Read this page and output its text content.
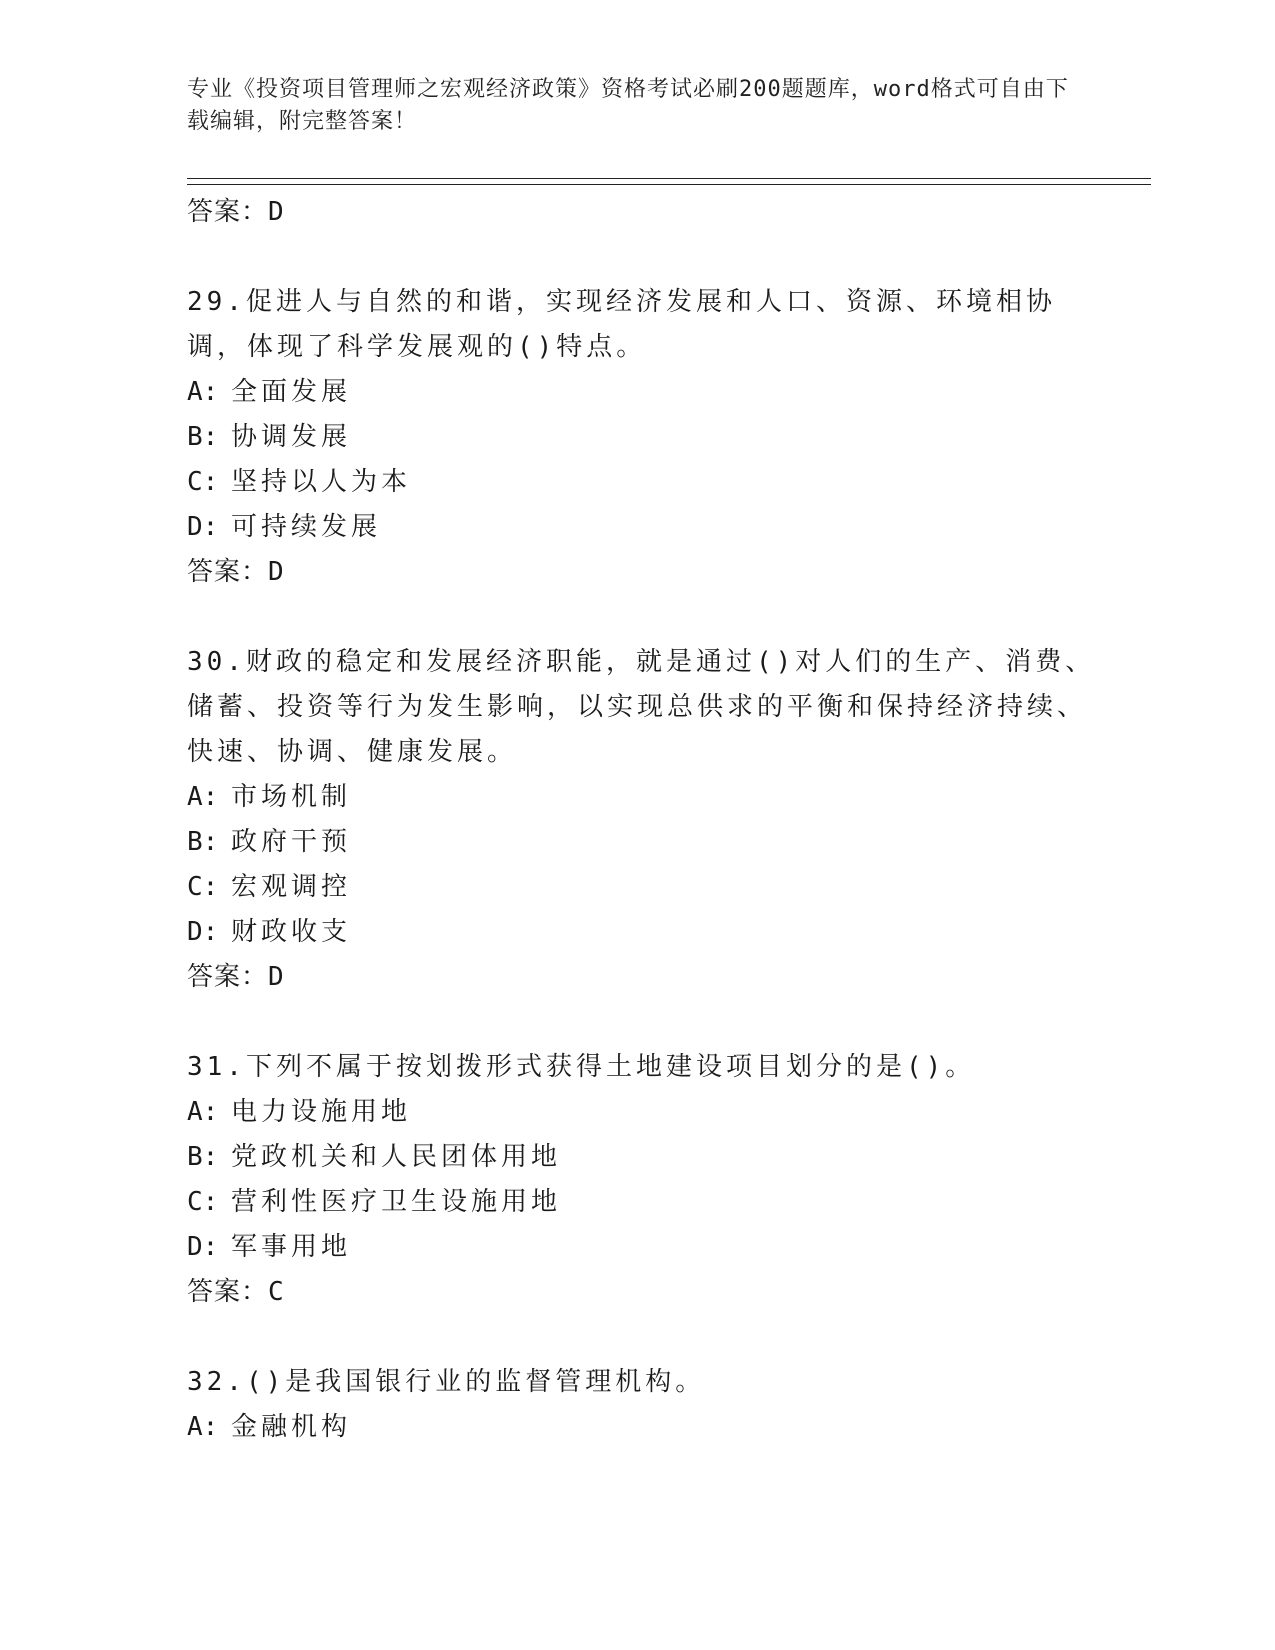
专业《投资项目管理师之宏观经济政策》资格考试必刷200题题库，word格式可自由下载编辑，附完整答案！
答案：D
29.促进人与自然的和谐，实现经济发展和人口、资源、环境相协调，体现了科学发展观的()特点。
A: 全面发展
B: 协调发展
C: 坚持以人为本
D: 可持续发展
答案：D
30.财政的稳定和发展经济职能，就是通过()对人们的生产、消费、储蓄、投资等行为发生影响，以实现总供求的平衡和保持经济持续、快速、协调、健康发展。
A: 市场机制
B: 政府干预
C: 宏观调控
D: 财政收支
答案：D
31.下列不属于按划拨形式获得土地建设项目划分的是()。
A: 电力设施用地
B: 党政机关和人民团体用地
C: 营利性医疗卫生设施用地
D: 军事用地
答案：C
32.()是我国银行业的监督管理机构。
A: 金融机构
